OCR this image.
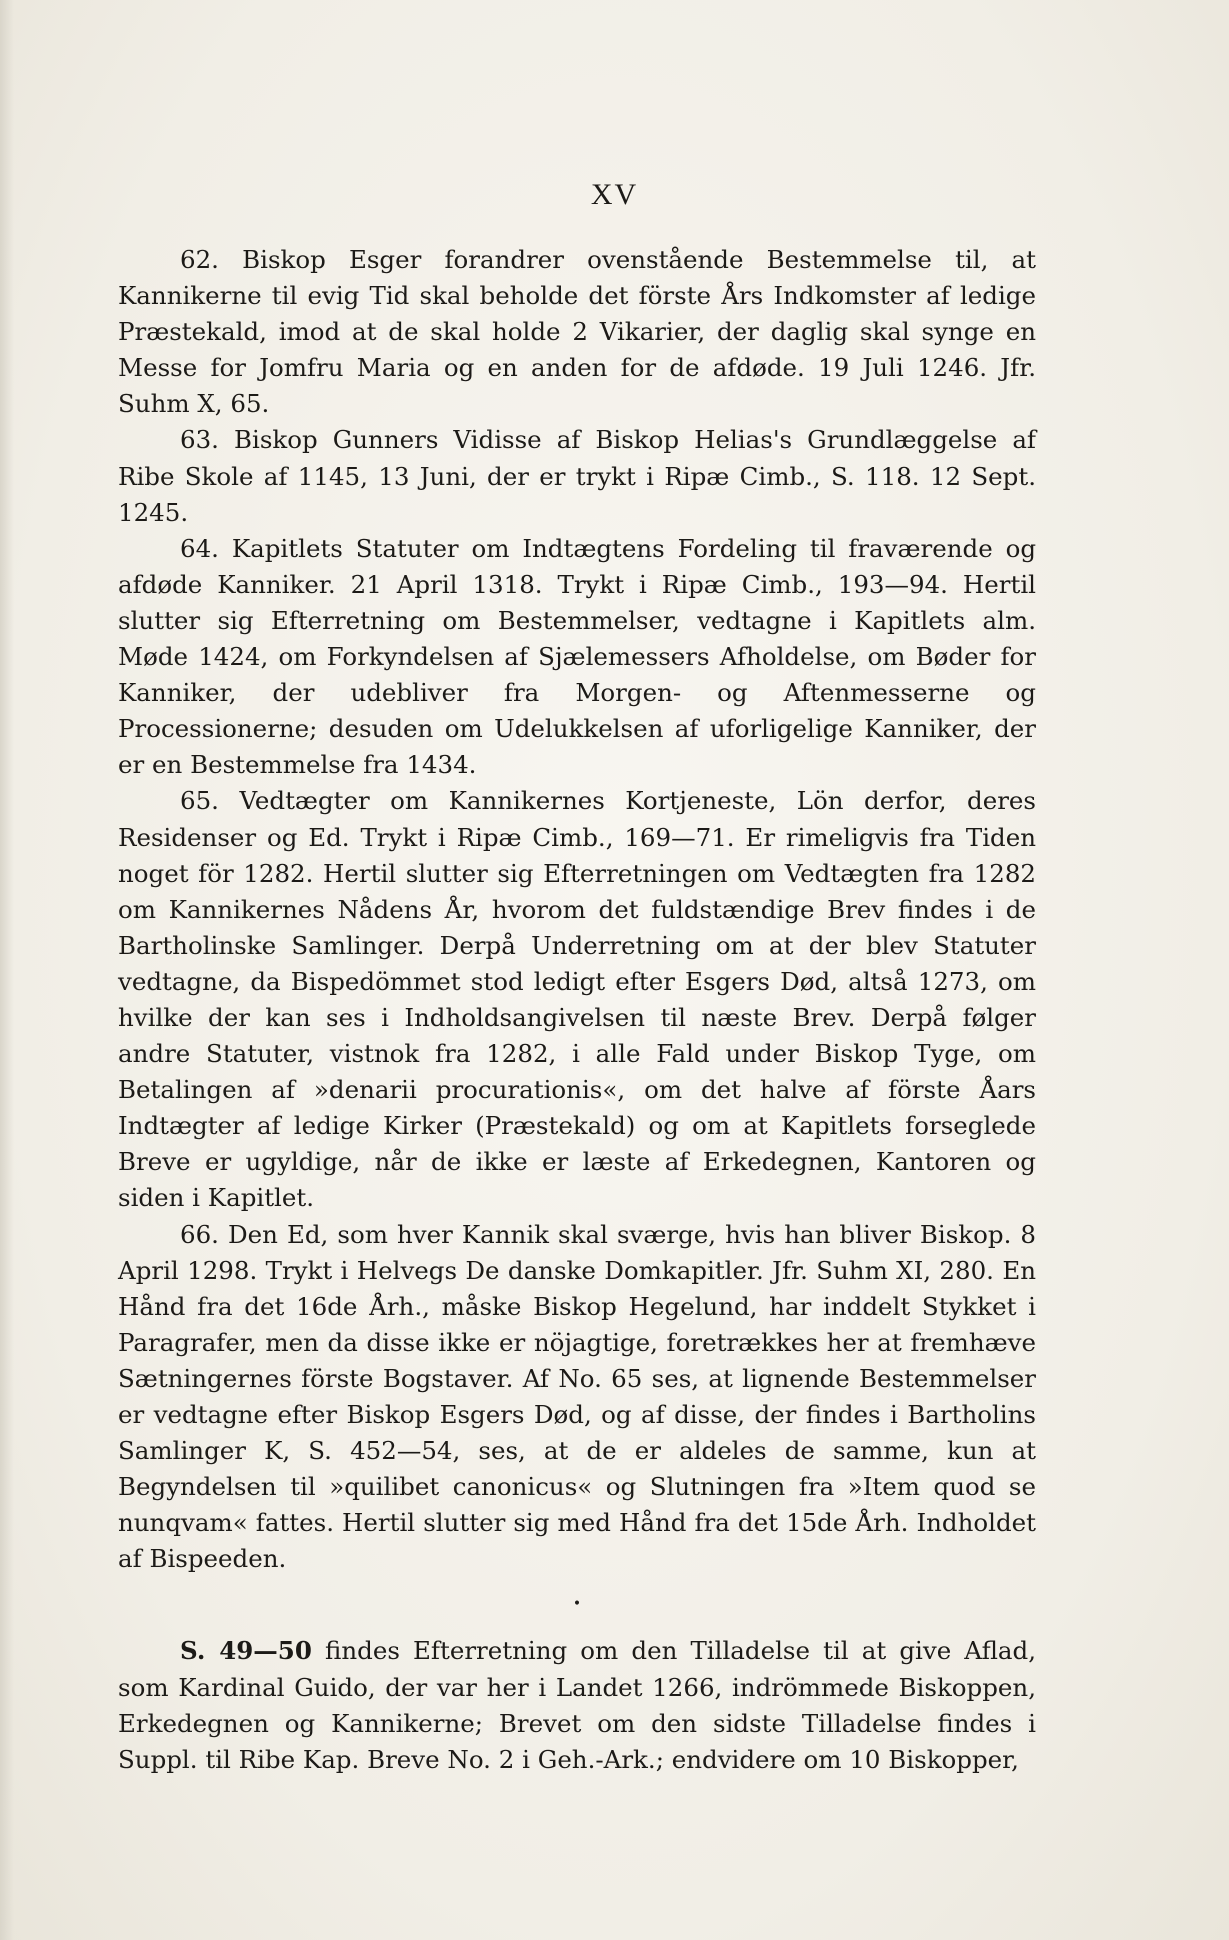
XV

62. Biskop Esger forandrer ovenstående Bestemmelse til, at Kannikerne til evig Tid skal beholde det förste Års Indkomster af ledige Præstekald, imod at de skal holde 2 Vikarier, der daglig skal synge en Messe for Jomfru Maria og en anden for de afdøde. 19 Juli 1246. Jfr. Suhm X, 65.

63. Biskop Gunners Vidisse af Biskop Helias's Grundlæggelse af Ribe Skole af 1145, 13 Juni, der er trykt i Ripæ Cimb., S. 118. 12 Sept. 1245.

64. Kapitlets Statuter om Indtægtens Fordeling til fraværende og afdøde Kanniker. 21 April 1318. Trykt i Ripæ Cimb., 193—94. Hertil slutter sig Efterretning om Bestemmelser, vedtagne i Kapitlets alm. Møde 1424, om Forkyndelsen af Sjælemessers Afholdelse, om Bøder for Kanniker, der udebliver fra Morgen- og Aftenmesserne og Processionerne; desuden om Udelukkelsen af uforligelige Kanniker, der er en Bestemmelse fra 1434.

65. Vedtægter om Kannikernes Kortjeneste, Lön derfor, deres Residenser og Ed. Trykt i Ripæ Cimb., 169—71. Er rimeligvis fra Tiden noget för 1282. Hertil slutter sig Efterretningen om Vedtægten fra 1282 om Kannikernes Nådens År, hvorom det fuldstændige Brev findes i de Bartholinske Samlinger. Derpå Underretning om at der blev Statuter vedtagne, da Bispedömmet stod ledigt efter Esgers Død, altså 1273, om hvilke der kan ses i Indholdsangivelsen til næste Brev. Derpå følger andre Statuter, vistnok fra 1282, i alle Fald under Biskop Tyge, om Betalingen af »denarii procurationis«, om det halve af förste Åars Indtægter af ledige Kirker (Præstekald) og om at Kapitlets forseglede Breve er ugyldige, når de ikke er læste af Erkedegnen, Kantoren og siden i Kapitlet.

66. Den Ed, som hver Kannik skal sværge, hvis han bliver Biskop. 8 April 1298. Trykt i Helvegs De danske Domkapitler. Jfr. Suhm XI, 280. En Hånd fra det 16de Årh., måske Biskop Hegelund, har inddelt Stykket i Paragrafer, men da disse ikke er nöjagtige, foretrækkes her at fremhæve Sætningernes förste Bogstaver. Af No. 65 ses, at lignende Bestemmelser er vedtagne efter Biskop Esgers Død, og af disse, der findes i Bartholins Samlinger K, S. 452—54, ses, at de er aldeles de samme, kun at Begyndelsen til »quilibet canonicus« og Slutningen fra »Item quod se nunqvam« fattes. Hertil slutter sig med Hånd fra det 15de Årh. Indholdet af Bispeeden.

•

S. 49—50 findes Efterretning om den Tilladelse til at give Aflad, som Kardinal Guido, der var her i Landet 1266, indrömmede Biskoppen, Erkedegnen og Kannikerne; Brevet om den sidste Tilladelse findes i Suppl. til Ribe Kap. Breve No. 2 i Geh.-Ark.; endvidere om 10 Biskopper,
